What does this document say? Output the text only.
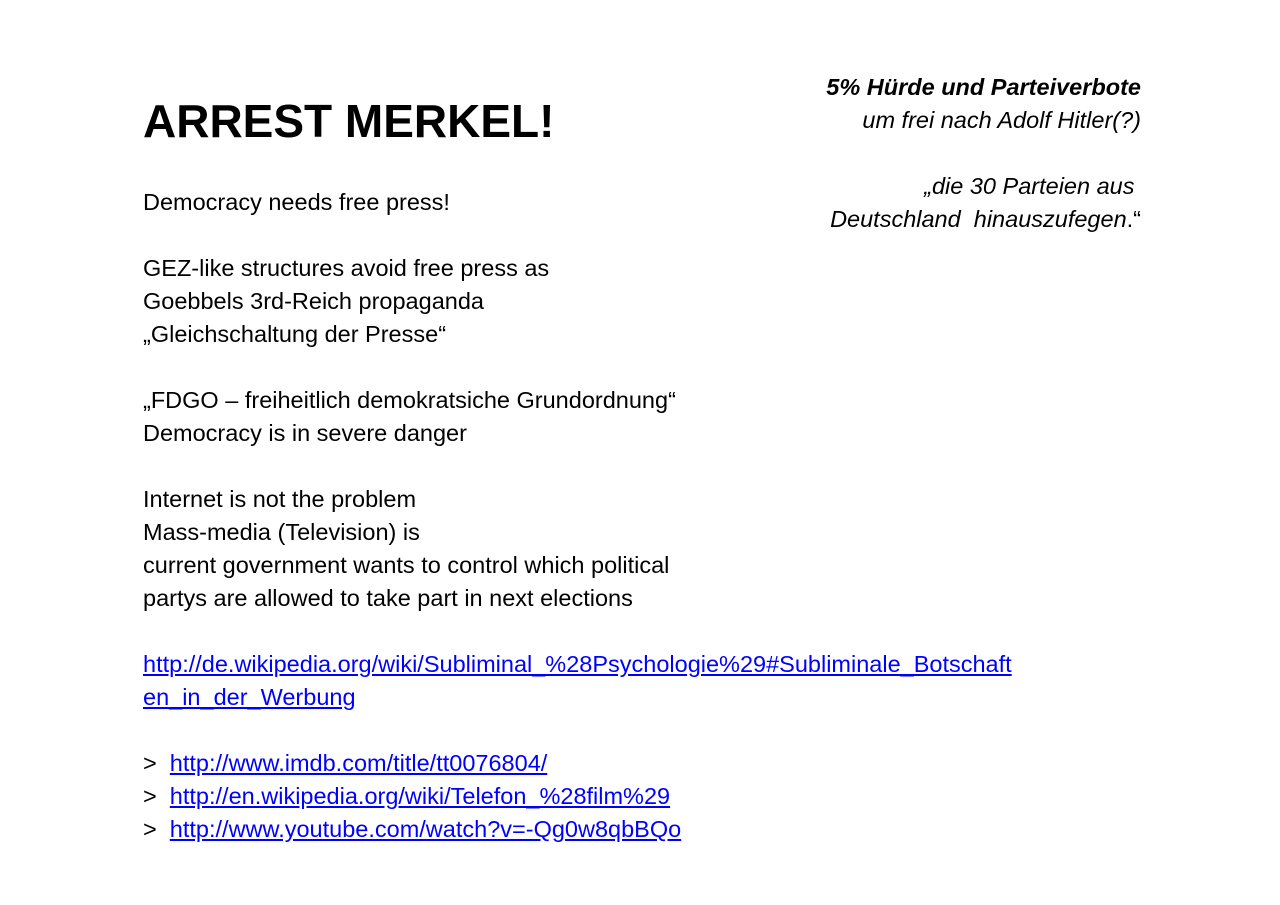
ARREST MERKEL!
Democracy needs free press!
GEZ-like structures avoid free press as
Goebbels 3rd-Reich propaganda
„Gleichschaltung der Presse“
„FDGO – freiheitlich demokratsiche Grundordnung“
Democracy is in severe danger
Internet is not the problem
Mass-media (Television) is
current government wants to control which political
partys are allowed to take part in next elections
http://de.wikipedia.org/wiki/Subliminal_%28Psychologie%29#Subliminale_Botschaft
en_in_der_Werbung
>  http://www.imdb.com/title/tt0076804/
>  http://en.wikipedia.org/wiki/Telefon_%28film%29
>  http://www.youtube.com/watch?v=-Qg0w8qbBQo
5% Hürde und Parteiverbote
um frei nach Adolf Hitler(?)
„die 30 Parteien aus
Deutschland  hinauszufegen.“
